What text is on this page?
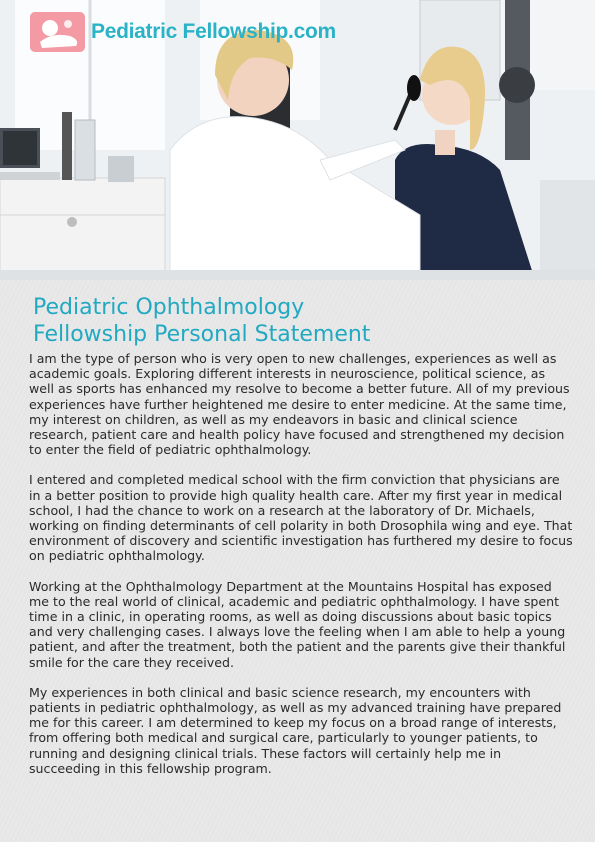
Pediatric Fellowship.com
Pediatric Ophthalmology
Fellowship Personal Statement

I am the type of person who is very open to new challenges, experiences as well as academic goals. Exploring different interests in neuroscience, political science, as well as sports has enhanced my resolve to become a better future. All of my previous experiences have further heightened me desire to enter medicine. At the same time, my interest on children, as well as my endeavors in basic and clinical science research, patient care and health policy have focused and strengthened my decision to enter the field of pediatric ophthalmology.

I entered and completed medical school with the firm conviction that physicians are in a better position to provide high quality health care. After my first year in medical school, I had the chance to work on a research at the laboratory of Dr. Michaels, working on finding determinants of cell polarity in both Drosophila wing and eye. That environment of discovery and scientific investigation has furthered my desire to focus on pediatric ophthalmology.

Working at the Ophthalmology Department at the Mountains Hospital has exposed me to the real world of clinical, academic and pediatric ophthalmology. I have spent time in a clinic, in operating rooms, as well as doing discussions about basic topics and very challenging cases. I always love the feeling when I am able to help a young patient, and after the treatment, both the patient and the parents give their thankful smile for the care they received.

My experiences in both clinical and basic science research, my encounters with patients in pediatric ophthalmology, as well as my advanced training have prepared me for this career. I am determined to keep my focus on a broad range of interests, from offering both medical and surgical care, particularly to younger patients, to running and designing clinical trials. These factors will certainly help me in succeeding in this fellowship program.
